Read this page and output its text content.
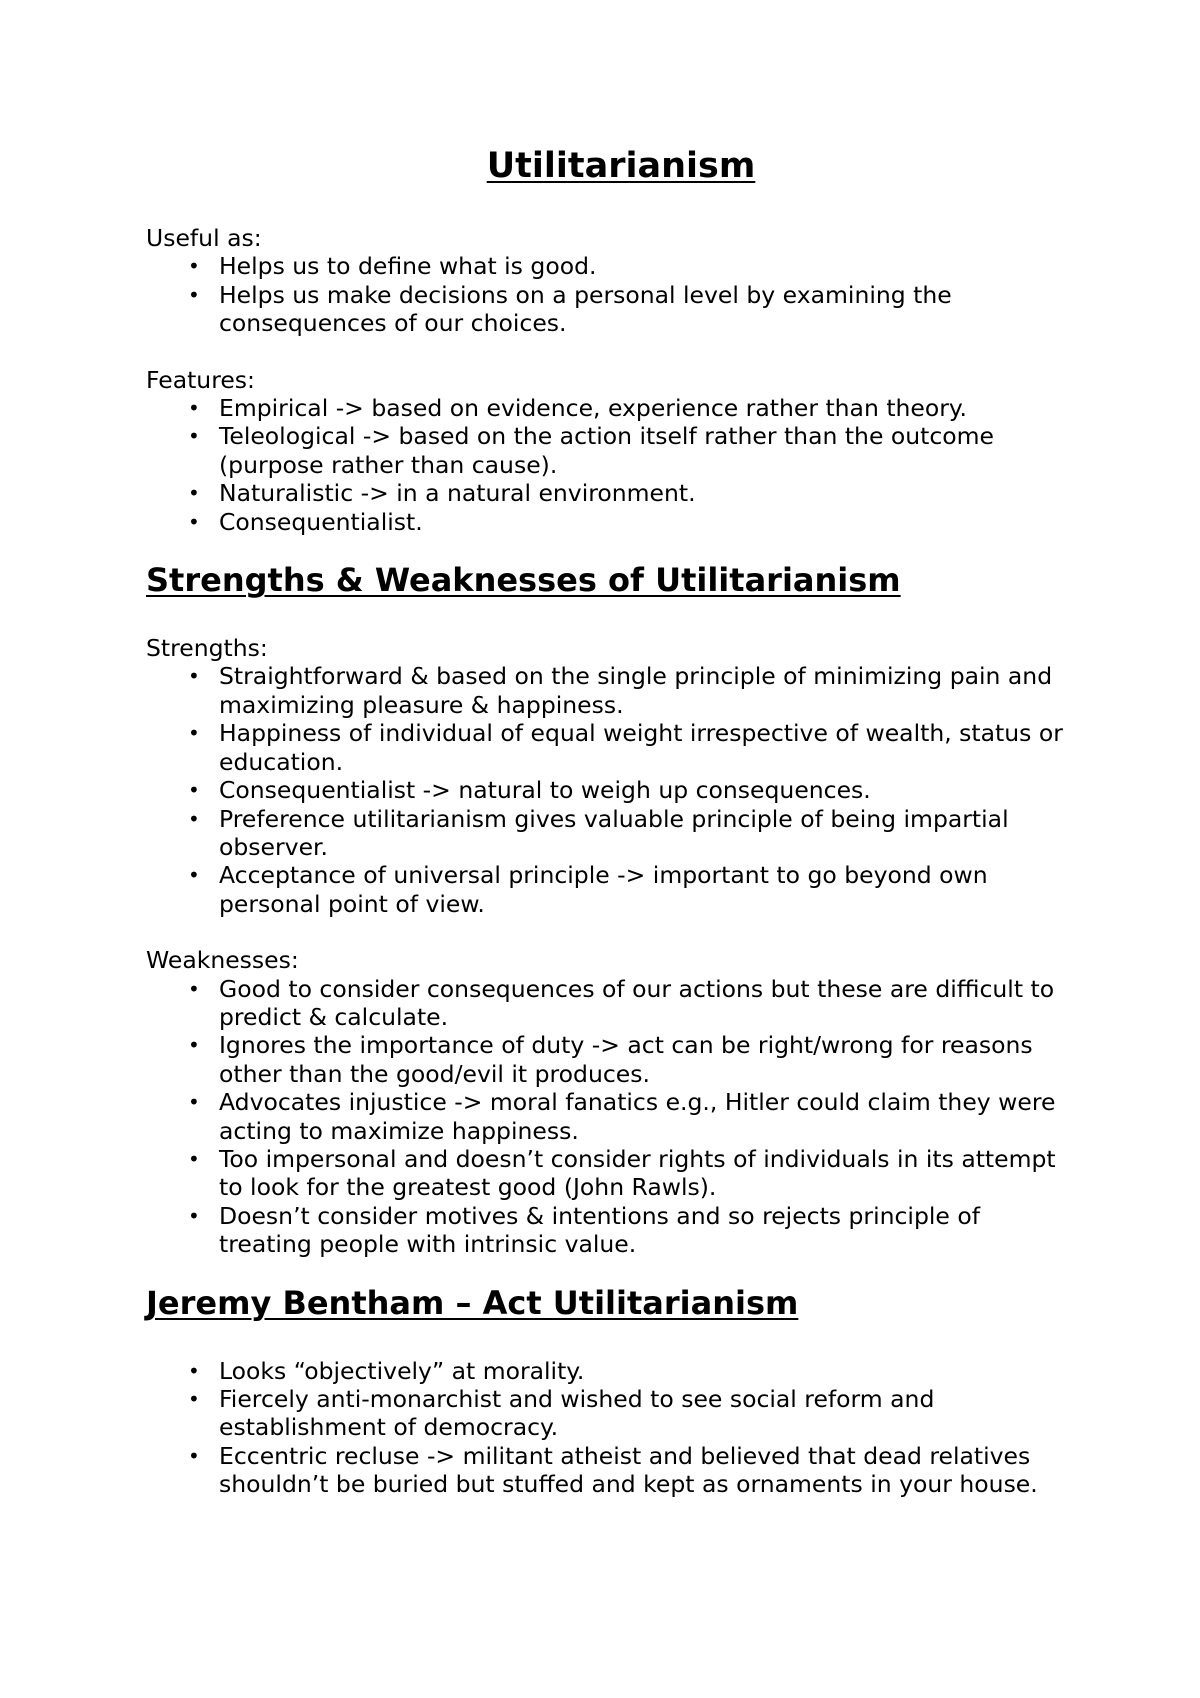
Utilitarianism

Useful as:

• Helps us to define what is good.
• Helps us make decisions on a personal level by examining the consequences of our choices.

Features:

• Empirical -> based on evidence, experience rather than theory.
• Teleological -> based on the action itself rather than the outcome (purpose rather than cause).
• Naturalistic -> in a natural environment.
• Consequentialist.
Strengths & Weaknesses of Utilitarianism

Strengths:

• Straightforward & based on the single principle of minimizing pain and maximizing pleasure & happiness.
• Happiness of individual of equal weight irrespective of wealth, status or education.
• Consequentialist -> natural to weigh up consequences.
• Preference utilitarianism gives valuable principle of being impartial observer.
• Acceptance of universal principle -> important to go beyond own personal point of view.

Weaknesses:

• Good to consider consequences of our actions but these are difficult to predict & calculate.
• Ignores the importance of duty -> act can be right/wrong for reasons other than the good/evil it produces.
• Advocates injustice -> moral fanatics e.g., Hitler could claim they were acting to maximize happiness.
• Too impersonal and doesn’t consider rights of individuals in its attempt to look for the greatest good (John Rawls).
• Doesn’t consider motives & intentions and so rejects principle of treating people with intrinsic value.
Jeremy Bentham – Act Utilitarianism
• Looks “objectively” at morality.
• Fiercely anti-monarchist and wished to see social reform and establishment of democracy.
• Eccentric recluse -> militant atheist and believed that dead relatives shouldn’t be buried but stuffed and kept as ornaments in your house.
